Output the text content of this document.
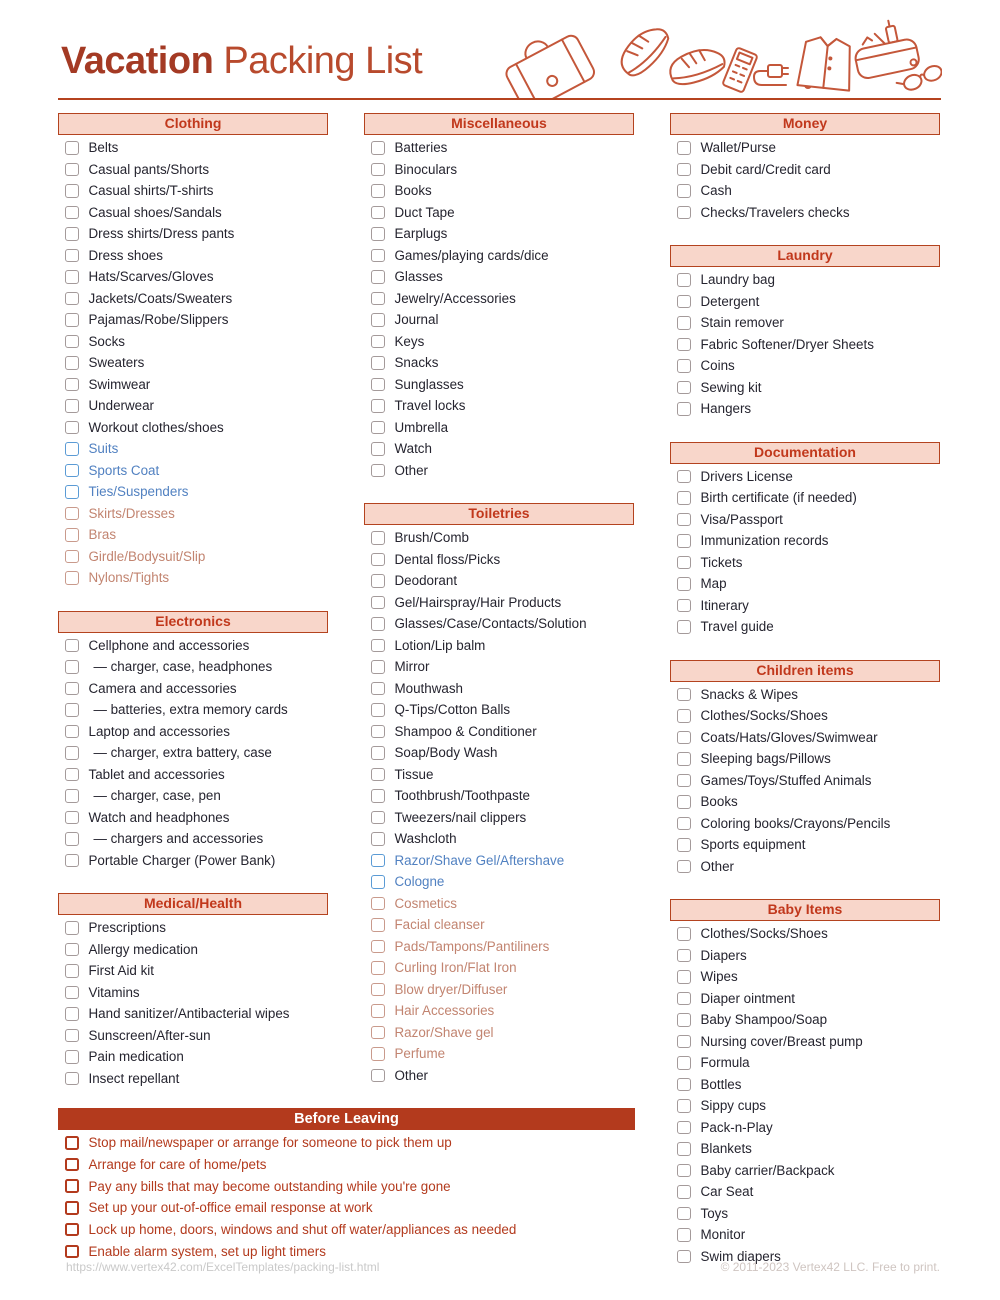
Vacation Packing List
Clothing
Belts
Casual pants/Shorts
Casual shirts/T-shirts
Casual shoes/Sandals
Dress shirts/Dress pants
Dress shoes
Hats/Scarves/Gloves
Jackets/Coats/Sweaters
Pajamas/Robe/Slippers
Socks
Sweaters
Swimwear
Underwear
Workout clothes/shoes
Suits
Sports Coat
Ties/Suspenders
Skirts/Dresses
Bras
Girdle/Bodysuit/Slip
Nylons/Tights
Electronics
Cellphone and accessories
— charger, case, headphones
Camera and accessories
— batteries, extra memory cards
Laptop and accessories
— charger, extra battery, case
Tablet and accessories
— charger, case, pen
Watch and headphones
— chargers and accessories
Portable Charger (Power Bank)
Medical/Health
Prescriptions
Allergy medication
First Aid kit
Vitamins
Hand sanitizer/Antibacterial wipes
Sunscreen/After-sun
Pain medication
Insect repellant
Miscellaneous
Batteries
Binoculars
Books
Duct Tape
Earplugs
Games/playing cards/dice
Glasses
Jewelry/Accessories
Journal
Keys
Snacks
Sunglasses
Travel locks
Umbrella
Watch
Other
Toiletries
Brush/Comb
Dental floss/Picks
Deodorant
Gel/Hairspray/Hair Products
Glasses/Case/Contacts/Solution
Lotion/Lip balm
Mirror
Mouthwash
Q-Tips/Cotton Balls
Shampoo & Conditioner
Soap/Body Wash
Tissue
Toothbrush/Toothpaste
Tweezers/nail clippers
Washcloth
Razor/Shave Gel/Aftershave
Cologne
Cosmetics
Facial cleanser
Pads/Tampons/Pantiliners
Curling Iron/Flat Iron
Blow dryer/Diffuser
Hair Accessories
Razor/Shave gel
Perfume
Other
Money
Wallet/Purse
Debit card/Credit card
Cash
Checks/Travelers checks
Laundry
Laundry bag
Detergent
Stain remover
Fabric Softener/Dryer Sheets
Coins
Sewing kit
Hangers
Documentation
Drivers License
Birth certificate (if needed)
Visa/Passport
Immunization records
Tickets
Map
Itinerary
Travel guide
Children items
Snacks & Wipes
Clothes/Socks/Shoes
Coats/Hats/Gloves/Swimwear
Sleeping bags/Pillows
Games/Toys/Stuffed Animals
Books
Coloring books/Crayons/Pencils
Sports equipment
Other
Baby Items
Clothes/Socks/Shoes
Diapers
Wipes
Diaper ointment
Baby Shampoo/Soap
Nursing cover/Breast pump
Formula
Bottles
Sippy cups
Pack-n-Play
Blankets
Baby carrier/Backpack
Car Seat
Toys
Monitor
Swim diapers
Before Leaving
Stop mail/newspaper or arrange for someone to pick them up
Arrange for care of home/pets
Pay any bills that may become outstanding while you're gone
Set up your out-of-office email response at work
Lock up home, doors, windows and shut off water/appliances as needed
Enable alarm system, set up light timers
https://www.vertex42.com/ExcelTemplates/packing-list.html	© 2011-2023 Vertex42 LLC. Free to print.
